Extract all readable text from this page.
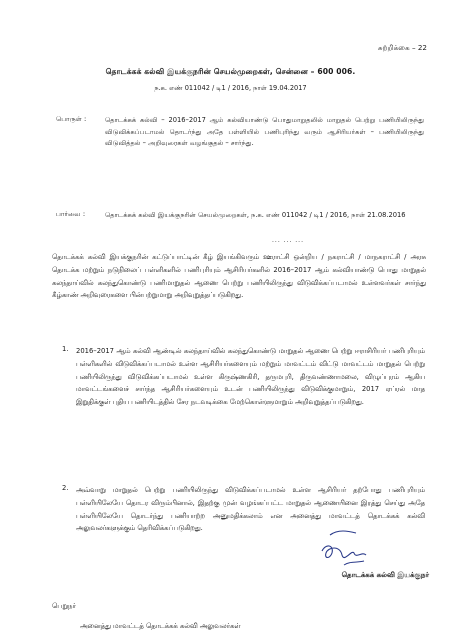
சுற்றிக்கை – 22
தொடக்கக் கல்வி இயக்குநரின் செயல்முறைகள், சென்னை – 600 006.
ந.க. எண் 011042 / டி1 / 2016, நாள் 19.04.2017
பொருள் :	தொடக்கக் கல்வி – 2016–2017 ஆம் கல்வியாண்டு பொதுமாறுதலில் மாறுதல் பெற்று பணியிலிருந்து விடுவிக்கப்படாமல் தொடர்ந்து அதே பள்ளியில் பணிபுரிந்து வரும் ஆசிரியர்கள் – பணியிலிருந்து விடுவித்தல் – அறிவுரைகள் வழங்குதல் – சார்ந்து.
பார்வை :	தொடக்கக் கல்வி இயக்குநரின் செயல்முறைகள், ந.க. எண் 011042 / டி1 / 2016, நாள் 21.08.2016
... ... ...
தொடக்கக் கல்வி இயக்குநரின் கட்டுப்பாட்டின் கீழ் இயங்கிவரும் ஊராட்சி ஒன்றிய / நகராட்சி / மாநகராட்சி / அரசு தொடக்க மற்றும் நடுநிலைப் பள்ளிகளில் பணிபுரியும் ஆசிரியர்களில் 2016–2017 ஆம் கல்வியாண்டு பொது மாறுதல் கலந்தாய்வில் கலந்துகொண்டு பணிமாறுதல் ஆணை பெற்று பணியிலிருந்து விடுவிக்கப்படாமல் உள்ளவர்கள் சார்ந்து கீழ்காண் அறிவுரைகளை பின்பற்றுமாறு அறிவுறுத்தப்படுகிறது.
1.	2016–2017 ஆம் கல்வி ஆண்டில் கலந்தாய்வில் கலந்துகொண்டு மாறுதல் ஆணை பெற்று ஈராசிரியர் பணிபுரியும் பள்ளிகளில் விடுவிக்கப்படாமல் உள்ள ஆசிரியர்களையும் மற்றும் மாவட்டம் விட்டு மாவட்டம் மாறுதல் பெற்று பணியிலிருந்து விடுவிக்கப்படாமல் உள்ள கிருஷ்ணகிரி, தருமபுரி, திருவண்ணாமலை, விழுப்புரம் ஆகிய மாவட்டங்களைச் சார்ந்த ஆசிரியர்களையும் உடன் பணியிலிருந்து விடுவிக்குமாறும், 2017 ஏப்ரல் மாத இறுதிக்குள் புதிய பணியிடத்தில் சேர நடவடிக்கை மேற்கொள்ளுமாறும் அறிவுறுத்தப்படுகிறது.
2.	அவ்வாறு மாறுதல் பெற்று பணியிலிருந்து விடுவிக்கப்படாமல் உள்ள ஆசிரியர் தற்போது பணிபுரியும் பள்ளியிலேயே தொடர விரும்பினால், இதற்கு முன் வழங்கப்பட்ட மாறுதல் ஆணையினை இரத்து செய்து அதே பள்ளியிலேயே தொடர்ந்து பணியாற்ற அனுமதிக்கலாம் என அனைத்து மாவட்டத் தொடக்கக் கல்வி அலுவலர்களுக்கும் தெரிவிக்கப்படுகிறது.
தொடக்கக் கல்வி இயக்குநர்
பெறுநர்
அனைத்து மாவட்டத் தொடக்கக் கல்வி அலுவலர்கள்
